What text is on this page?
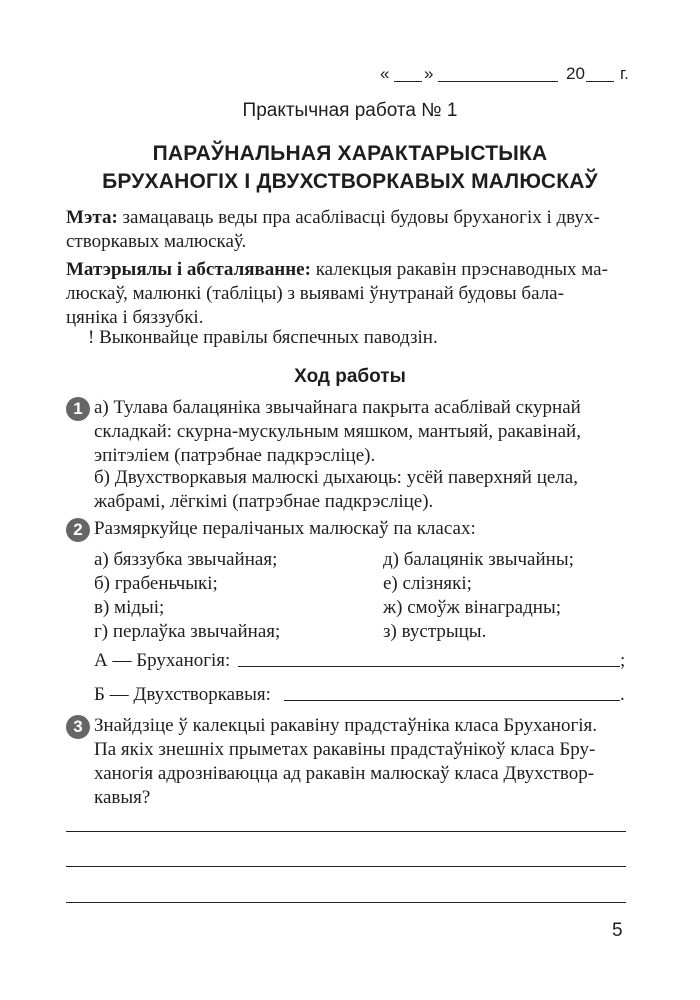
« »	20 г.
Практычная работа № 1
ПАРАЎНАЛЬНАЯ ХАРАКТАРЫСТЫКА
БРУХАНОГІХ І ДВУХСТВОРКАВЫХ МАЛЮСКАЎ
Мэта: замацаваць веды пра асаблівасці будовы бруханогіх і двух-
створкавых малюскаў.
Матэрыялы і абсталяванне: калекцыя ракавін прэснаводных ма-
люскаў, малюнкі (табліцы) з выявамі ўнутранай будовы бала-
цяніка і бяззубкі.
! Выконвайце правілы бяспечных паводзін.
Ход работы
1 а) Тулава балацяніка звычайнага пакрыта асаблівай скурнай
складкай: скурна-мускульным мяшком, мантыяй, ракавінай,
эпітэліем (патрэбнае падкрэсліце).
б) Двухстворкавыя малюскі дыхаюць: усёй паверхняй цела,
жабрамі, лёгкімі (патрэбнае падкрэсліце).
2 Размяркуйце пералічаных малюскаў па класах:
а) бяззубка звычайная;
б) грабеньчыкі;
в) мідыі;
г) перлаўка звычайная;
д) балацянік звычайны;
е) слізнякі;
ж) смоўж вінаградны;
з) вустрыцы.
А — Бруханогія:	;
Б — Двухстворкавыя:	.
3 Знайдзіце ў калекцыі ракавіну прадстаўніка класа Бруханогія.
Па якіх знешніх прыметах ракавіны прадстаўнікоў класа Бру-
ханогія адрозніваюцца ад ракавін малюскаў класа Двухствор-
кавыя?
5
